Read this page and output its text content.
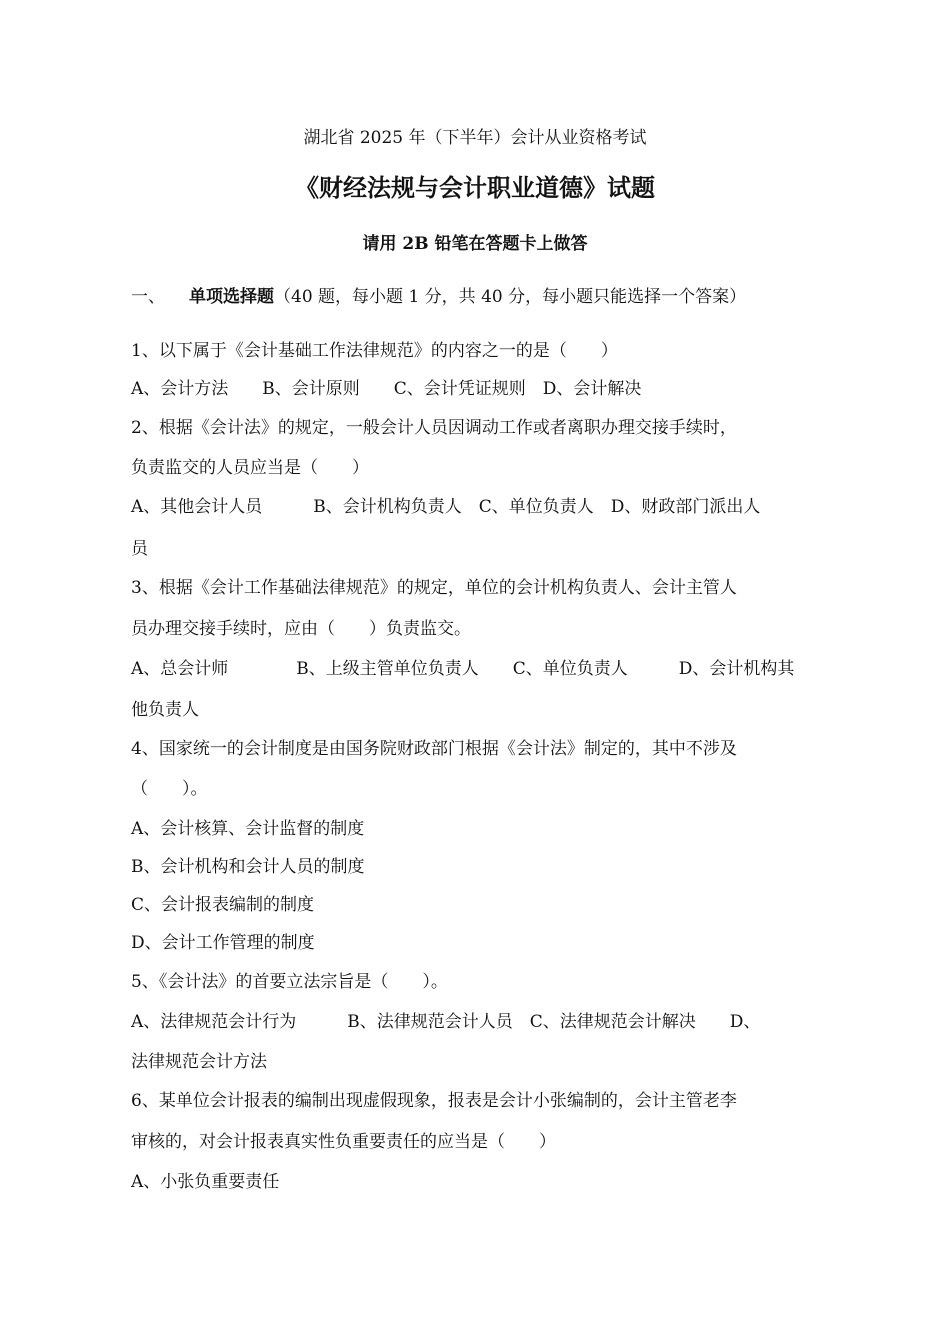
湖北省 2025 年（下半年）会计从业资格考试
《财经法规与会计职业道德》试题
请用 2B 铅笔在答题卡上做答
一、 单项选择题（40 题，每小题 1 分，共 40 分，每小题只能选择一个答案）
1、以下属于《会计基础工作法律规范》的内容之一的是（　　）
A、会计方法　　B、会计原则　　C、会计凭证规则　D、会计解决
2、根据《会计法》的规定，一般会计人员因调动工作或者离职办理交接手续时，
负责监交的人员应当是（　　）
A、其他会计人员　　　B、会计机构负责人　C、单位负责人　D、财政部门派出人
员
3、根据《会计工作基础法律规范》的规定，单位的会计机构负责人、会计主管人
员办理交接手续时，应由（　　）负责监交。
A、总会计师　　　　B、上级主管单位负责人　　C、单位负责人　　　D、会计机构其
他负责人
4、国家统一的会计制度是由国务院财政部门根据《会计法》制定的，其中不涉及
（　　）。
A、会计核算、会计监督的制度
B、会计机构和会计人员的制度
C、会计报表编制的制度
D、会计工作管理的制度
5、《会计法》的首要立法宗旨是（　　）。
A、法律规范会计行为　　　B、法律规范会计人员　C、法律规范会计解决　　D、
法律规范会计方法
6、某单位会计报表的编制出现虚假现象，报表是会计小张编制的，会计主管老李
审核的，对会计报表真实性负重要责任的应当是（　　）
A、小张负重要责任
